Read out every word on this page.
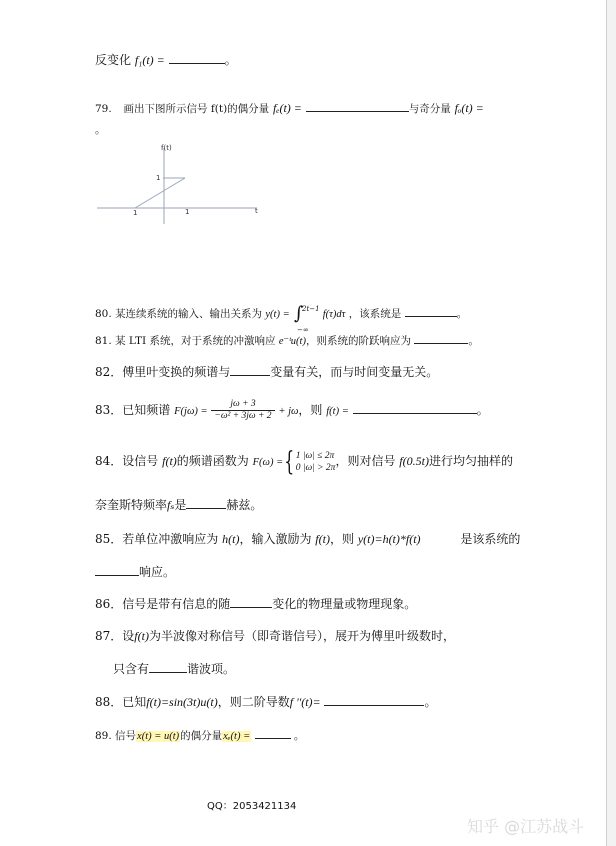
反变化 f₁(t) =	。
79. 画出下图所示信号 f(t)的偶分量 fₑ(t) =	与奇分量 fₒ(t) =
。
f(t)
t
1
1	1
80. 某连续系统的输入、输出关系为 y(t) = ∫
2t−1
−∞
f(τ)dτ ，该系统是	。
81. 某 LTI 系统，对于系统的冲激响应 e⁻ᵗu(t)，则系统的阶跃响应为	。
82．傅里叶变换的频谱与	变量有关，而与时间变量无关。
83．已知频谱 $F(j\omega) = \frac{j\omega + 3}{\text{−ω² + 3jω + 2}} + j\omega$，则 f(t) =	。
84．设信号 f(t)的频谱函数为 F(ω) ={ 1 |ω| ≤ 2π
0 |ω| > 2π ，则对信号 f(0.5t)进行均匀抽样的
奈奎斯特频率fₛ是	赫兹。
85．若单位冲激响应为 h(t)，输入激励为 f(t)，则 y(t)=h(t)*f(t)	是该系统的
响应。
86．信号是带有信息的随	变化的物理量或物理现象。
87．设f(t)为半波像对称信号（即奇谐信号），展开为傅里叶级数时，
只含有	谐波项。
88．已知f(t)=sin(3t)u(t)，则二阶导数f ''(t)=	。
89. 信号x(t) = u(t)的偶分量xₑ(t) =	。
QQ：2053421134
知乎 @江苏战斗
